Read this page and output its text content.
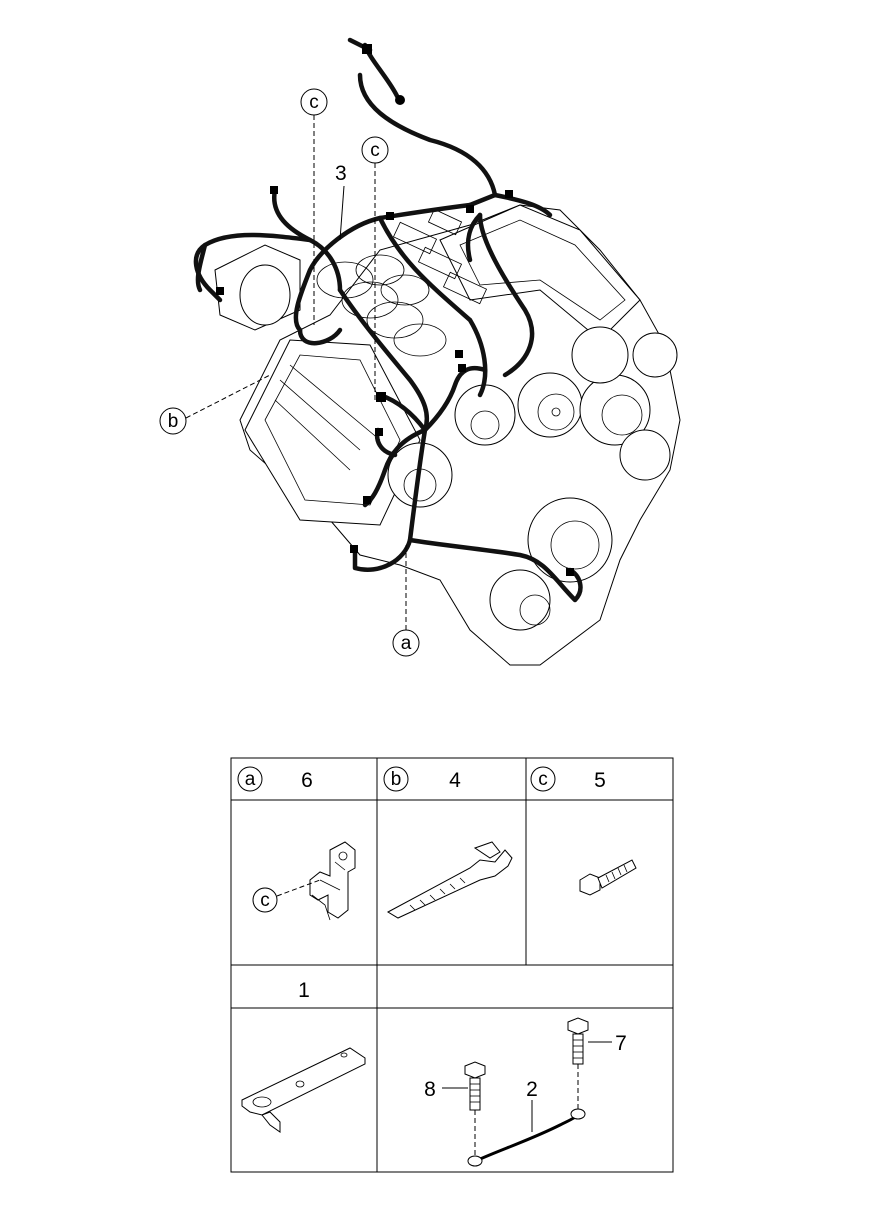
3
c
c
b
a
a 6	b 4	c 5
c
1
7
8	2
